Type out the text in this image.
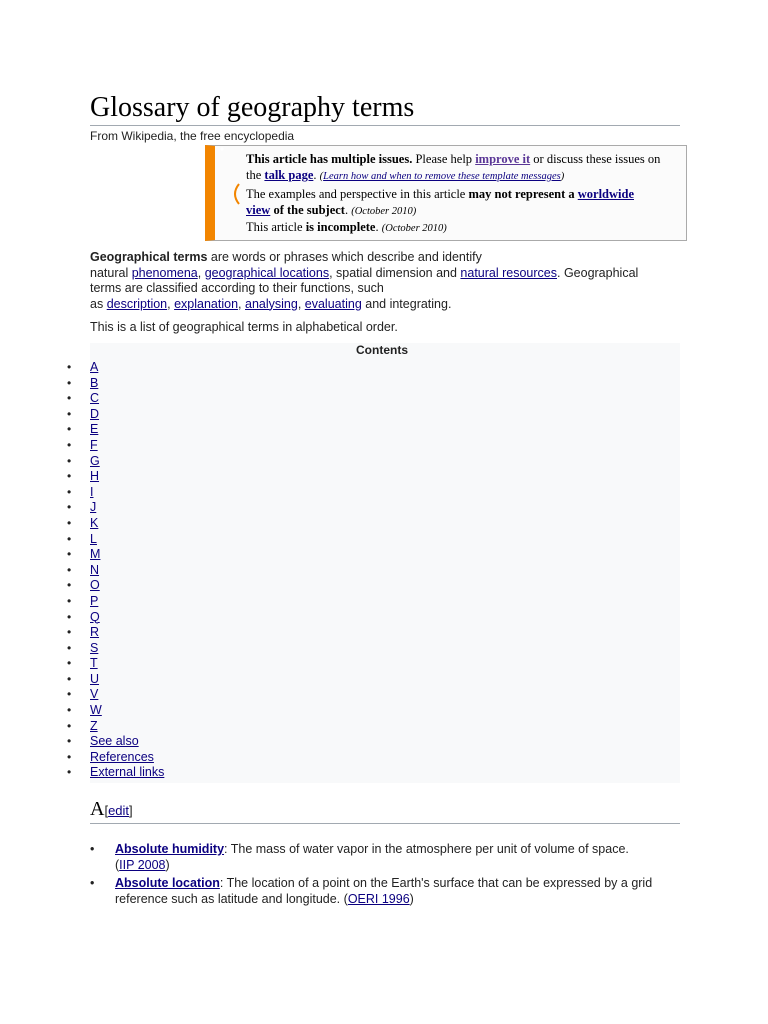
Glossary of geography terms
From Wikipedia, the free encyclopedia
This article has multiple issues. Please help improve it or discuss these issues on
the talk page. (Learn how and when to remove these template messages)
The examples and perspective in this article may not represent a worldwide
view of the subject. (October 2010)
This article is incomplete. (October 2010)

Geographical terms are words or phrases which describe and identify

natural phenomena, geographical locations, spatial dimension and natural resources. Geographical

terms are classified according to their functions, such

as description, explanation, analysing, evaluating and integrating.

This is a list of geographical terms in alphabetical order.
Contents
• A
• B
• C
• D
• E
• F
• G
• H
• I
• J
• K
• L
• M
• N
• O
• P
• Q
• R
• S
• T
• U
• V
• W
• Z
• See also
• References
• External links
A[edit]
• Absolute humidity: The mass of water vapor in the atmosphere per unit of volume of space.
(IIP 2008)
• Absolute location: The location of a point on the Earth's surface that can be expressed by a grid reference such as latitude and longitude. (OERI 1996)
